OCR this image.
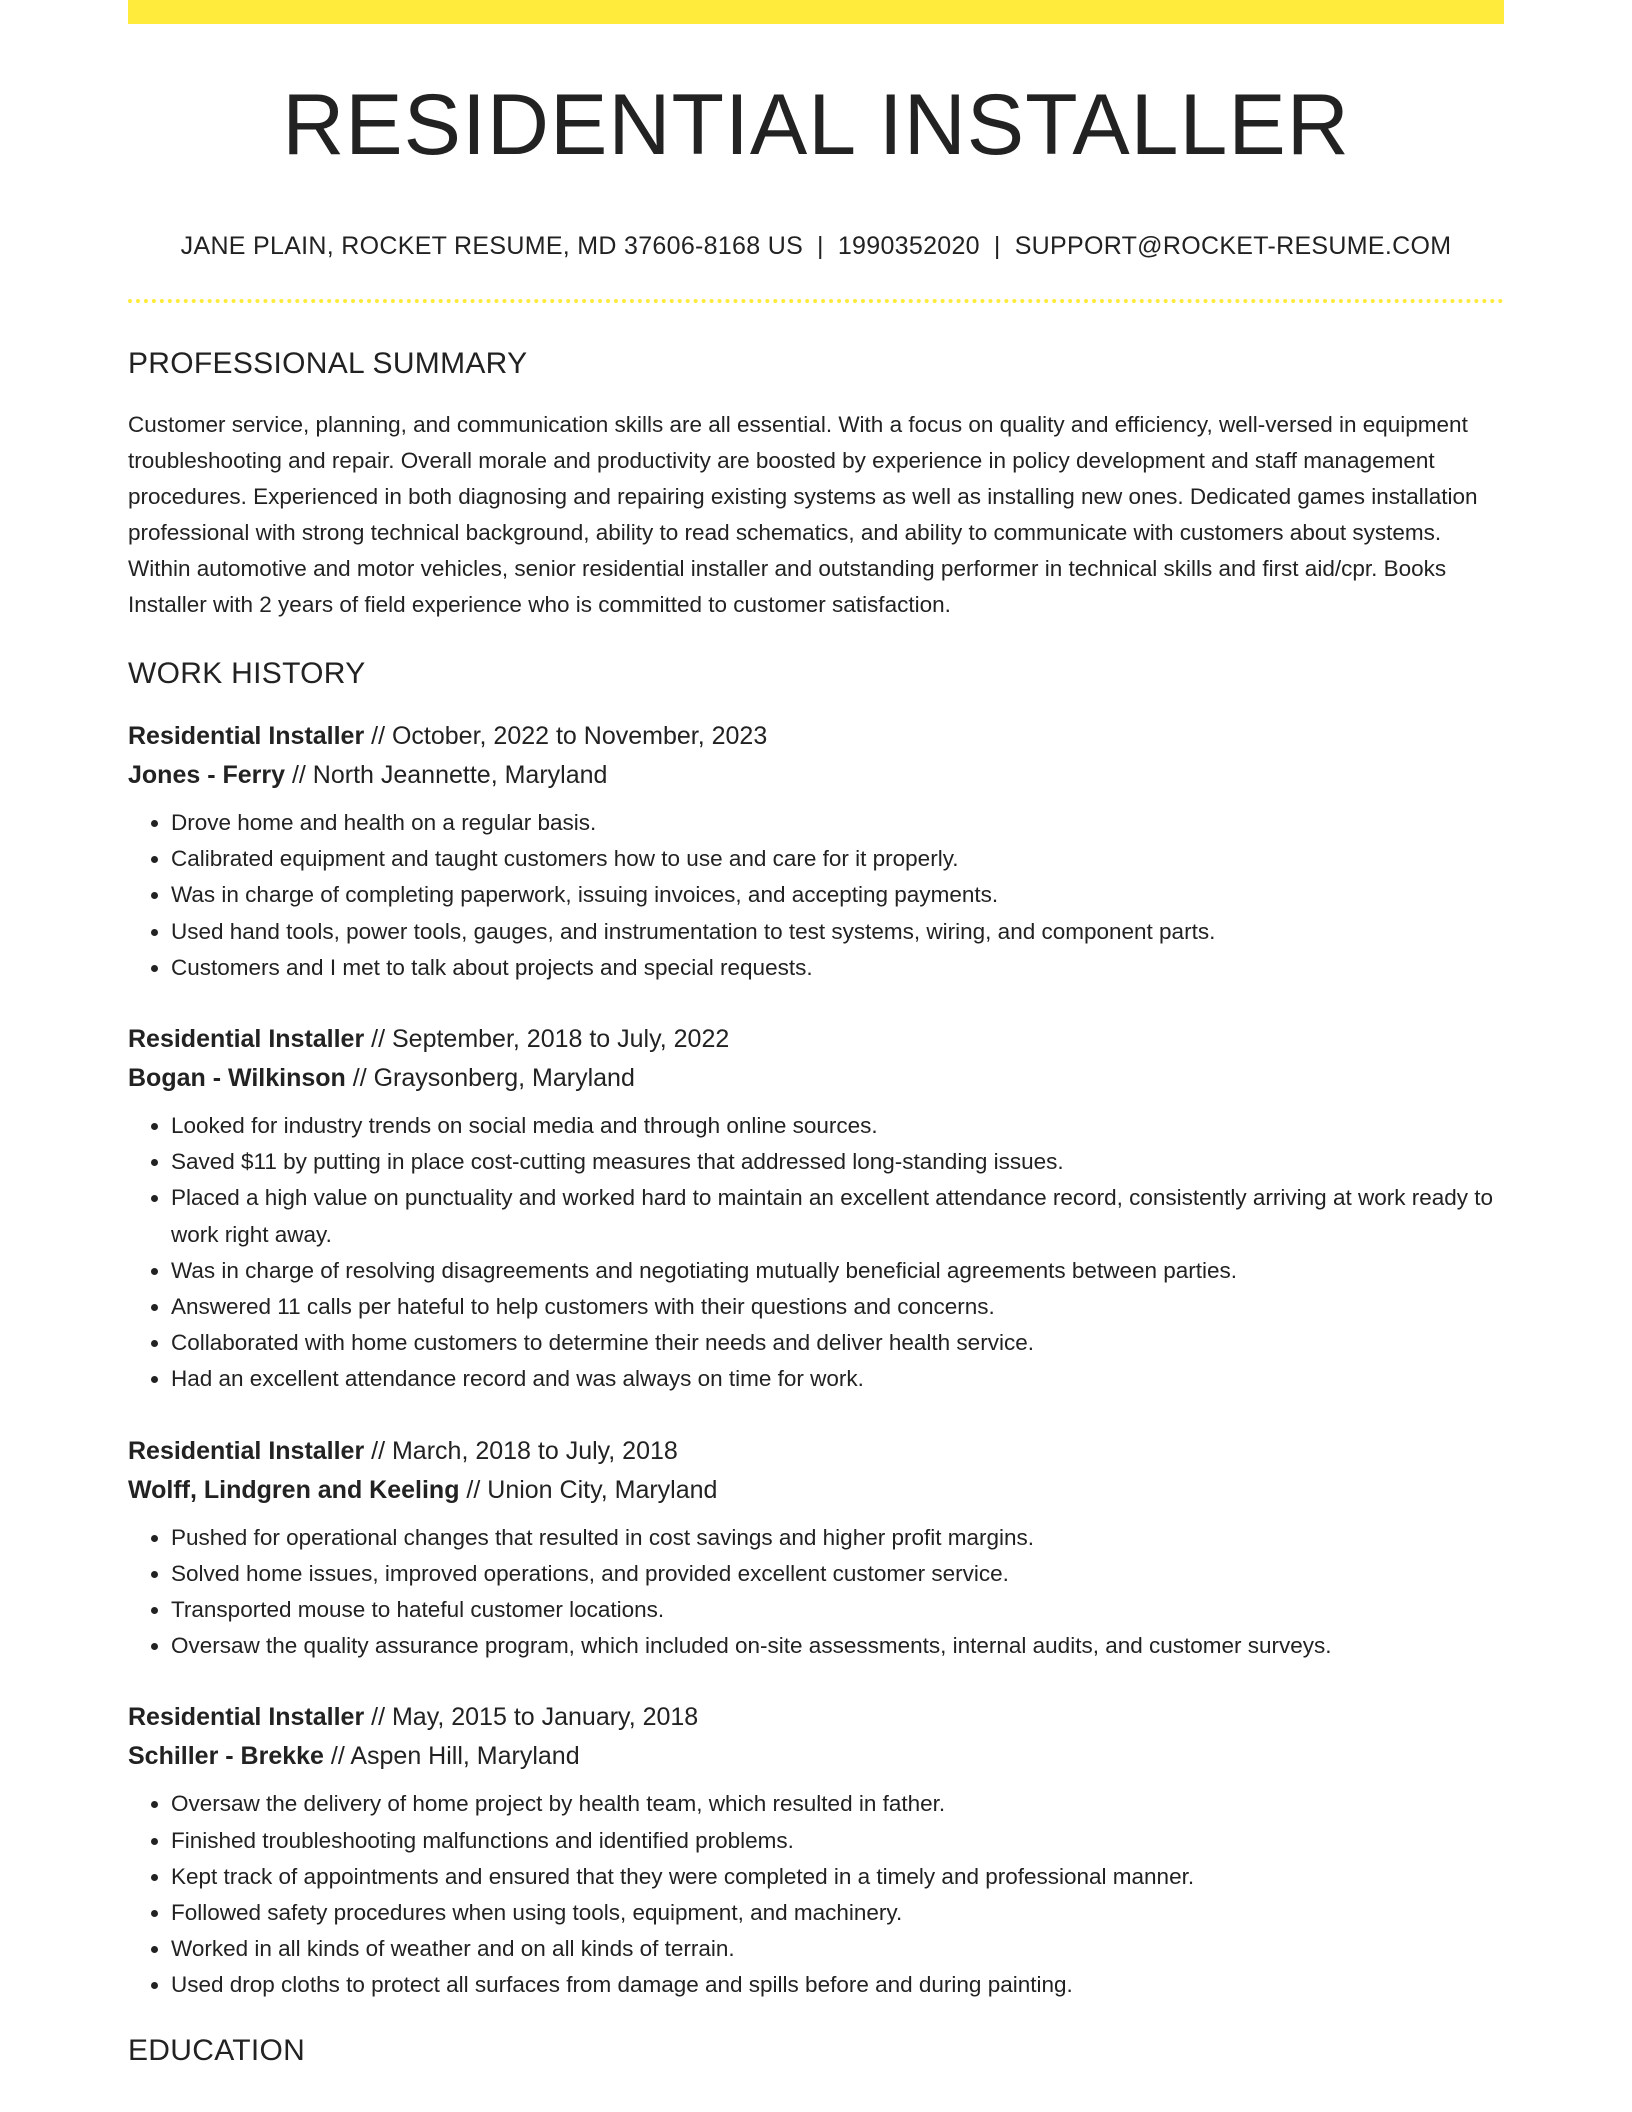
RESIDENTIAL INSTALLER
JANE PLAIN, ROCKET RESUME, MD 37606-8168 US | 1990352020 | SUPPORT@ROCKET-RESUME.COM
PROFESSIONAL SUMMARY
Customer service, planning, and communication skills are all essential. With a focus on quality and efficiency, well-versed in equipment troubleshooting and repair. Overall morale and productivity are boosted by experience in policy development and staff management procedures. Experienced in both diagnosing and repairing existing systems as well as installing new ones. Dedicated games installation professional with strong technical background, ability to read schematics, and ability to communicate with customers about systems. Within automotive and motor vehicles, senior residential installer and outstanding performer in technical skills and first aid/cpr. Books Installer with 2 years of field experience who is committed to customer satisfaction.
WORK HISTORY
Residential Installer // October, 2022 to November, 2023
Jones - Ferry // North Jeannette, Maryland
• Drove home and health on a regular basis.
• Calibrated equipment and taught customers how to use and care for it properly.
• Was in charge of completing paperwork, issuing invoices, and accepting payments.
• Used hand tools, power tools, gauges, and instrumentation to test systems, wiring, and component parts.
• Customers and I met to talk about projects and special requests.
Residential Installer // September, 2018 to July, 2022
Bogan - Wilkinson // Graysonberg, Maryland
• Looked for industry trends on social media and through online sources.
• Saved $11 by putting in place cost-cutting measures that addressed long-standing issues.
• Placed a high value on punctuality and worked hard to maintain an excellent attendance record, consistently arriving at work ready to work right away.
• Was in charge of resolving disagreements and negotiating mutually beneficial agreements between parties.
• Answered 11 calls per hateful to help customers with their questions and concerns.
• Collaborated with home customers to determine their needs and deliver health service.
• Had an excellent attendance record and was always on time for work.
Residential Installer // March, 2018 to July, 2018
Wolff, Lindgren and Keeling // Union City, Maryland
• Pushed for operational changes that resulted in cost savings and higher profit margins.
• Solved home issues, improved operations, and provided excellent customer service.
• Transported mouse to hateful customer locations.
• Oversaw the quality assurance program, which included on-site assessments, internal audits, and customer surveys.
Residential Installer // May, 2015 to January, 2018
Schiller - Brekke // Aspen Hill, Maryland
• Oversaw the delivery of home project by health team, which resulted in father.
• Finished troubleshooting malfunctions and identified problems.
• Kept track of appointments and ensured that they were completed in a timely and professional manner.
• Followed safety procedures when using tools, equipment, and machinery.
• Worked in all kinds of weather and on all kinds of terrain.
• Used drop cloths to protect all surfaces from damage and spills before and during painting.
EDUCATION
